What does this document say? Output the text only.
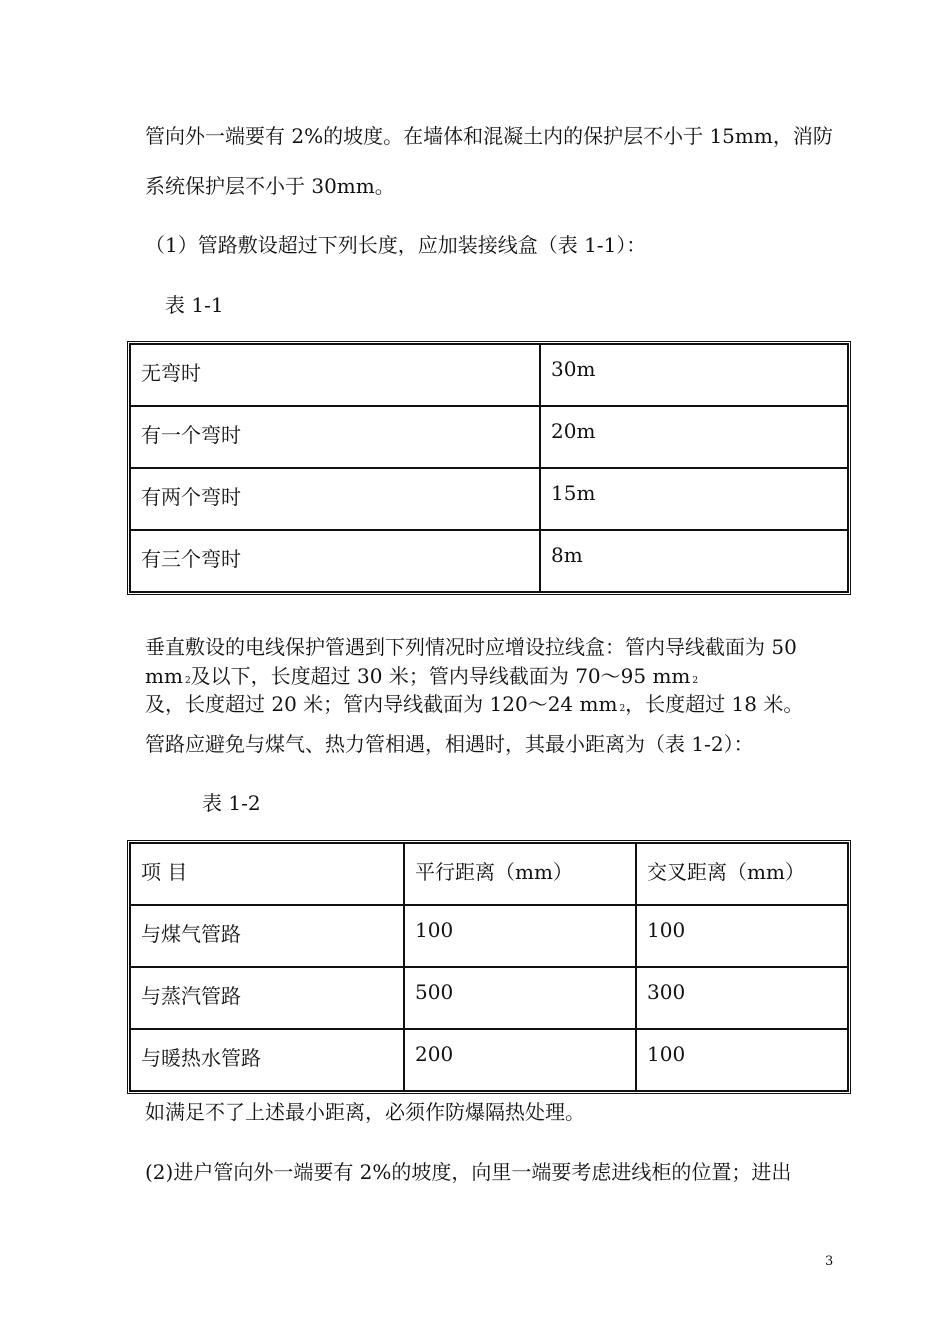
管向外一端要有 2%的坡度。在墙体和混凝土内的保护层不小于 15mm，消防
系统保护层不小于 30mm。
（1）管路敷设超过下列长度，应加装接线盒（表 1-1）：
表 1-1
无弯时	30m
有一个弯时	20m
有两个弯时	15m
有三个弯时	8m
垂直敷设的电线保护管遇到下列情况时应增设拉线盒：管内导线截面为 50
mm 2及以下，长度超过 30 米；管内导线截面为 70～95 mm 2
及，长度超过 20 米；管内导线截面为 120～24 mm 2，长度超过 18 米。
管路应避免与煤气、热力管相遇，相遇时，其最小距离为（表 1-2）：
表 1-2
项 目	平行距离（mm）	交叉距离（mm）
与煤气管路	100	100
与蒸汽管路	500	300
与暖热水管路	200	100
如满足不了上述最小距离，必须作防爆隔热处理。
(2)进户管向外一端要有 2%的坡度，向里一端要考虑进线柜的位置；进出
3
